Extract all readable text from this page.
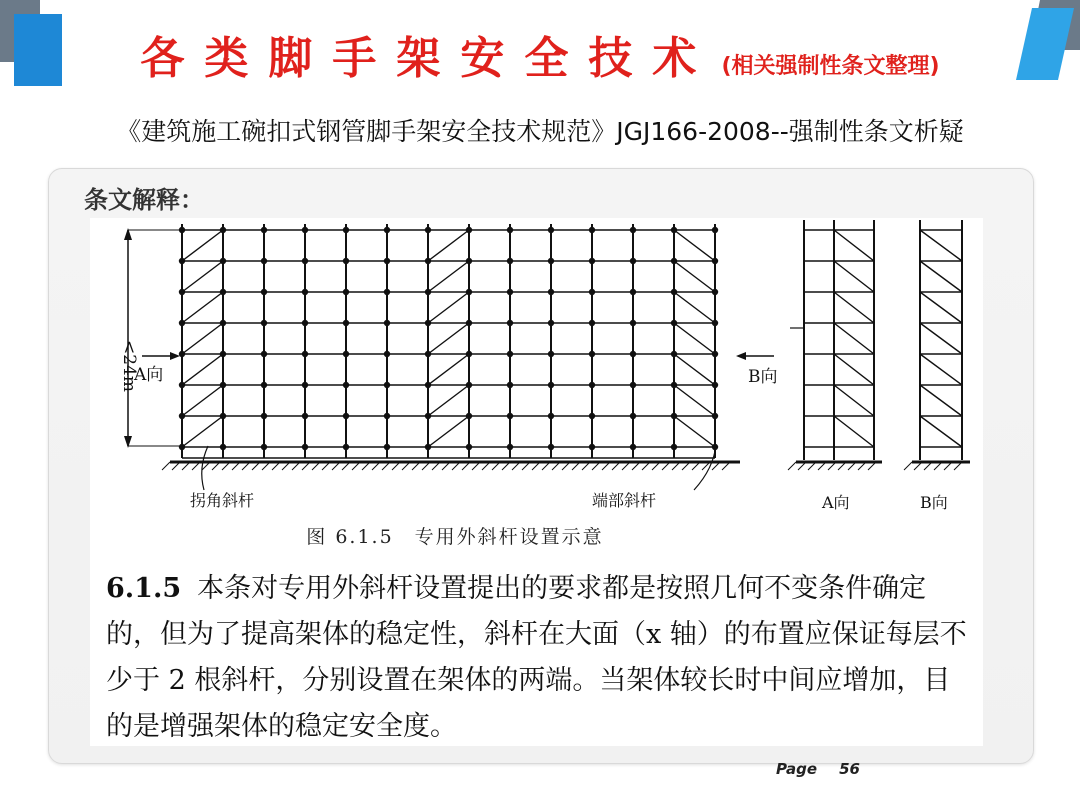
各类脚手架安全技术 (相关强制性条文整理)
《建筑施工碗扣式钢管脚手架安全技术规范》JGJ166-2008--强制性条文析疑
条文解释：
<24m
A向	B向
拐角斜杆	端部斜杆	A向	B向
图 6.1.5　专用外斜杆设置示意
6.1.5 本条对专用外斜杆设置提出的要求都是按照几何不变条件确定的，但为了提高架体的稳定性，斜杆在大面（x 轴）的布置应保证每层不少于 2 根斜杆，分别设置在架体的两端。当架体较长时中间应增加，目的是增强架体的稳定安全度。
Page 56
